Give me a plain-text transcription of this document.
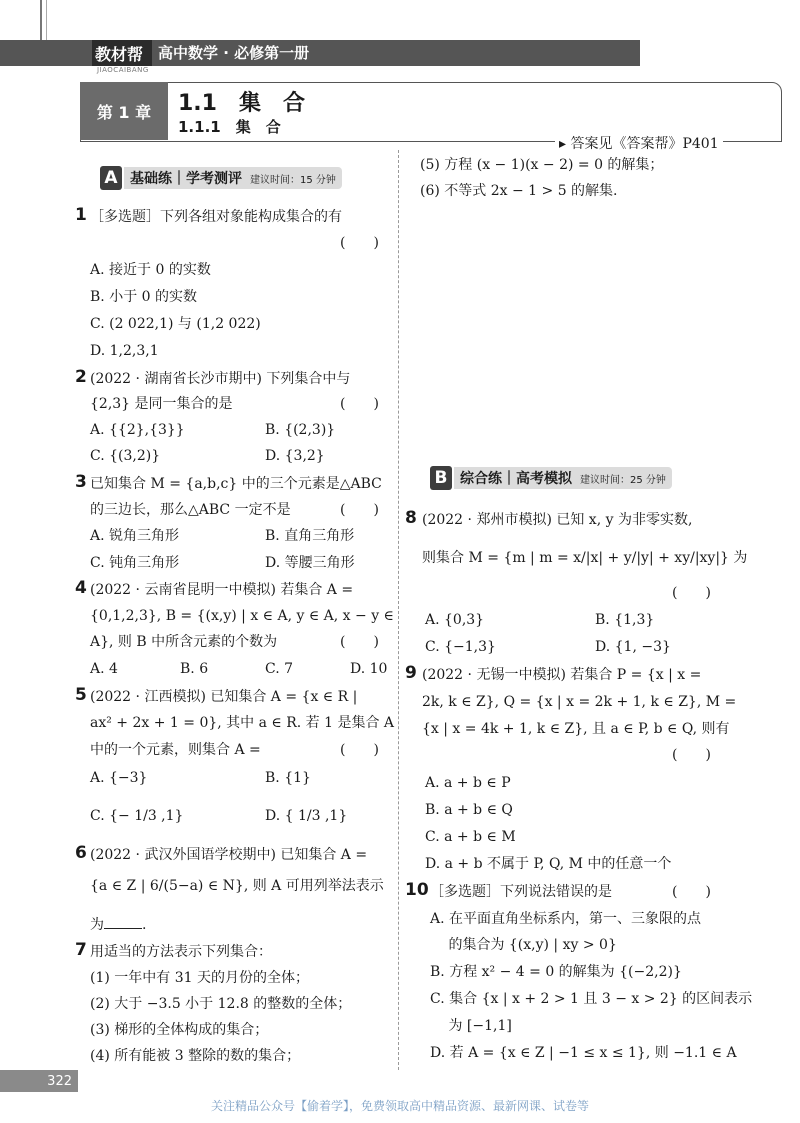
教材帮
JIAOCAIBANG
高中数学 · 必修第一册
第 1 章	1.1　集　合
1.1.1　集　合
▸ 答案见《答案帮》P401
A 基础练｜学考测评 建议时间：15 分钟
1 ［多选题］下列各组对象能构成集合的有
(　　)
A. 接近于 0 的实数
B. 小于 0 的实数
C. (2 022,1) 与 (1,2 022)
D. 1,2,3,1
2 (2022 · 湖南省长沙市期中) 下列集合中与
{2,3} 是同一集合的是	(　　)
A. {{2},{3}}	B. {(2,3)}
C. {(3,2)}	D. {3,2}
3 已知集合 M = {a,b,c} 中的三个元素是△ABC
的三边长，那么△ABC 一定不是	(　　)
A. 锐角三角形	B. 直角三角形
C. 钝角三角形	D. 等腰三角形
4 (2022 · 云南省昆明一中模拟) 若集合 A =
{0,1,2,3}, B = {(x,y) | x ∈ A, y ∈ A, x − y ∈
A}, 则 B 中所含元素的个数为	(　　)
A. 4	B. 6	C. 7	D. 10
5 (2022 · 江西模拟) 已知集合 A = {x ∈ R |
ax² + 2x + 1 = 0}, 其中 a ∈ R. 若 1 是集合 A
中的一个元素，则集合 A =	(　　)
A. {−3}	B. {1}
C. {− 1/3 ,1}	D. { 1/3 ,1}
6 (2022 · 武汉外国语学校期中) 已知集合 A =
{a ∈ Z | 6/(5−a) ∈ N}, 则 A 可用列举法表示
为	.
7 用适当的方法表示下列集合：
(1) 一年中有 31 天的月份的全体；
(2) 大于 −3.5 小于 12.8 的整数的全体；
(3) 梯形的全体构成的集合；
(4) 所有能被 3 整除的数的集合；
(5) 方程 (x − 1)(x − 2) = 0 的解集；
(6) 不等式 2x − 1 > 5 的解集.
B 综合练｜高考模拟 建议时间：25 分钟
8 (2022 · 郑州市模拟) 已知 x, y 为非零实数,
则集合 M = {m | m = x/|x| + y/|y| + xy/|xy|} 为
(　　)
A. {0,3}	B. {1,3}
C. {−1,3}	D. {1, −3}
9 (2022 · 无锡一中模拟) 若集合 P = {x | x =
2k, k ∈ Z}, Q = {x | x = 2k + 1, k ∈ Z}, M =
{x | x = 4k + 1, k ∈ Z}, 且 a ∈ P, b ∈ Q, 则有
(　　)
A. a + b ∈ P
B. a + b ∈ Q
C. a + b ∈ M
D. a + b 不属于 P, Q, M 中的任意一个
10 ［多选题］下列说法错误的是	(　　)
A. 在平面直角坐标系内，第一、三象限的点
　 的集合为 {(x,y) | xy > 0}
B. 方程 x² − 4 = 0 的解集为 {(−2,2)}
C. 集合 {x | x + 2 > 1 且 3 − x > 2} 的区间表示
　 为 [−1,1]
D. 若 A = {x ∈ Z | −1 ≤ x ≤ 1}, 则 −1.1 ∈ A
322
关注精品公众号【偷着学】，免费领取高中精品资源、最新网课、试卷等
